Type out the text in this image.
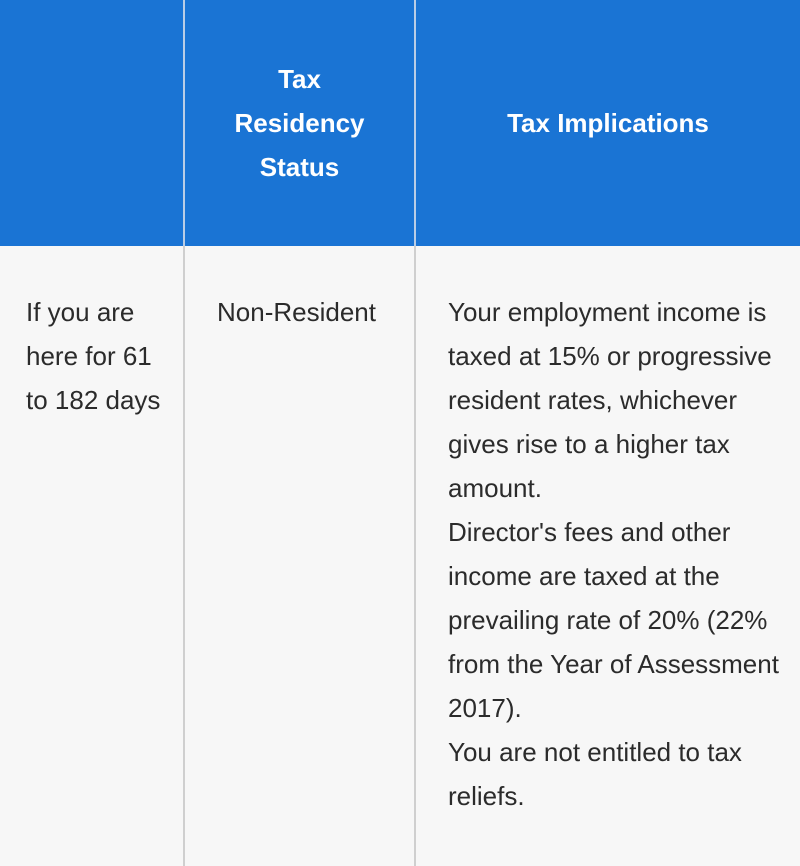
	Tax Residency Status	Tax Implications
If you are here for 61 to 182 days	Non-Resident	Your employment income is taxed at 15% or progressive resident rates, whichever gives rise to a higher tax amount.
Director's fees and other income are taxed at the prevailing rate of 20% (22% from the Year of Assessment 2017).
You are not entitled to tax reliefs.
